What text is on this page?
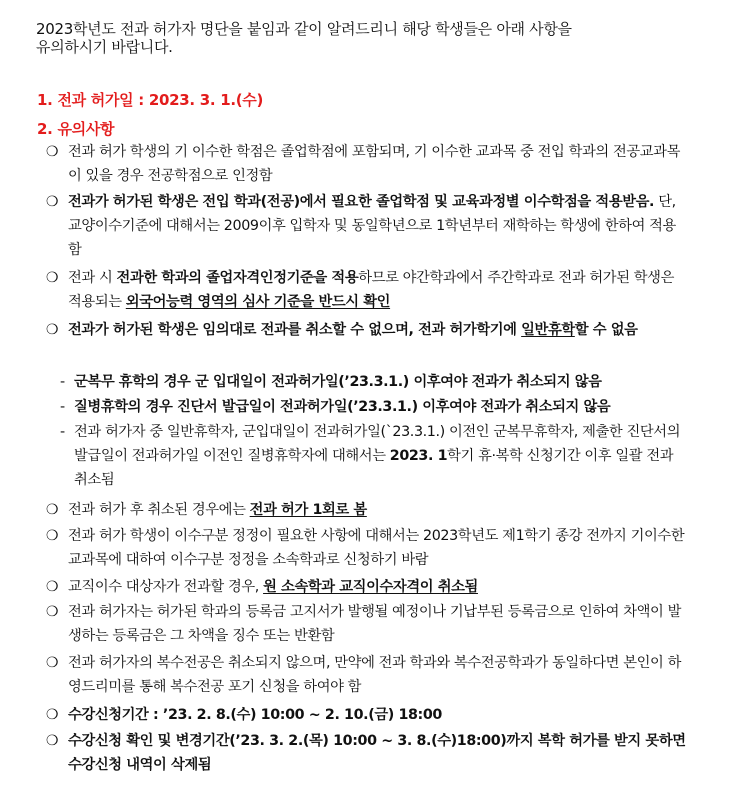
2023학년도 전과 허가자 명단을 붙임과 같이 알려드리니 해당 학생들은 아래 사항을
유의하시기 바랍니다.
1. 전과 허가일 : 2023. 3. 1.(수)
2. 유의사항
❍ 전과 허가 학생의 기 이수한 학점은 졸업학점에 포함되며, 기 이수한 교과목 중 전입 학과의 전공교과목이 있을 경우 전공학점으로 인정함
❍ 전과가 허가된 학생은 전입 학과(전공)에서 필요한 졸업학점 및 교육과정별 이수학점을 적용받음. 단, 교양이수기준에 대해서는 2009이후 입학자 및 동일학년으로 1학년부터 재학하는 학생에 한하여 적용함
❍ 전과 시 전과한 학과의 졸업자격인정기준을 적용하므로 야간학과에서 주간학과로 전과 허가된 학생은 적용되는 외국어능력 영역의 심사 기준을 반드시 확인
❍ 전과가 허가된 학생은 임의대로 전과를 취소할 수 없으며, 전과 허가학기에 일반휴학할 수 없음
- 군복무 휴학의 경우 군 입대일이 전과허가일(’23.3.1.) 이후여야 전과가 취소되지 않음
- 질병휴학의 경우 진단서 발급일이 전과허가일(’23.3.1.) 이후여야 전과가 취소되지 않음
- 전과 허가자 중 일반휴학자, 군입대일이 전과허가일(`23.3.1.) 이전인 군복무휴학자, 제출한 진단서의 발급일이 전과허가일 이전인 질병휴학자에 대해서는 2023. 1학기 휴·복학 신청기간 이후 일괄 전과 취소됨
❍ 전과 허가 후 취소된 경우에는 전과 허가 1회로 봄
❍ 전과 허가 학생이 이수구분 정정이 필요한 사항에 대해서는 2023학년도 제1학기 종강 전까지 기이수한 교과목에 대하여 이수구분 정정을 소속학과로 신청하기 바람
❍ 교직이수 대상자가 전과할 경우, 원 소속학과 교직이수자격이 취소됨
❍ 전과 허가자는 허가된 학과의 등록금 고지서가 발행될 예정이나 기납부된 등록금으로 인하여 차액이 발생하는 등록금은 그 차액을 징수 또는 반환함
❍ 전과 허가자의 복수전공은 취소되지 않으며, 만약에 전과 학과와 복수전공학과가 동일하다면 본인이 하영드리미를 통해 복수전공 포기 신청을 하여야 함
❍ 수강신청기간 : ’23. 2. 8.(수) 10:00 ~ 2. 10.(금) 18:00
❍ 수강신청 확인 및 변경기간(’23. 3. 2.(목) 10:00 ~ 3. 8.(수)18:00)까지 복학 허가를 받지 못하면 수강신청 내역이 삭제됨
